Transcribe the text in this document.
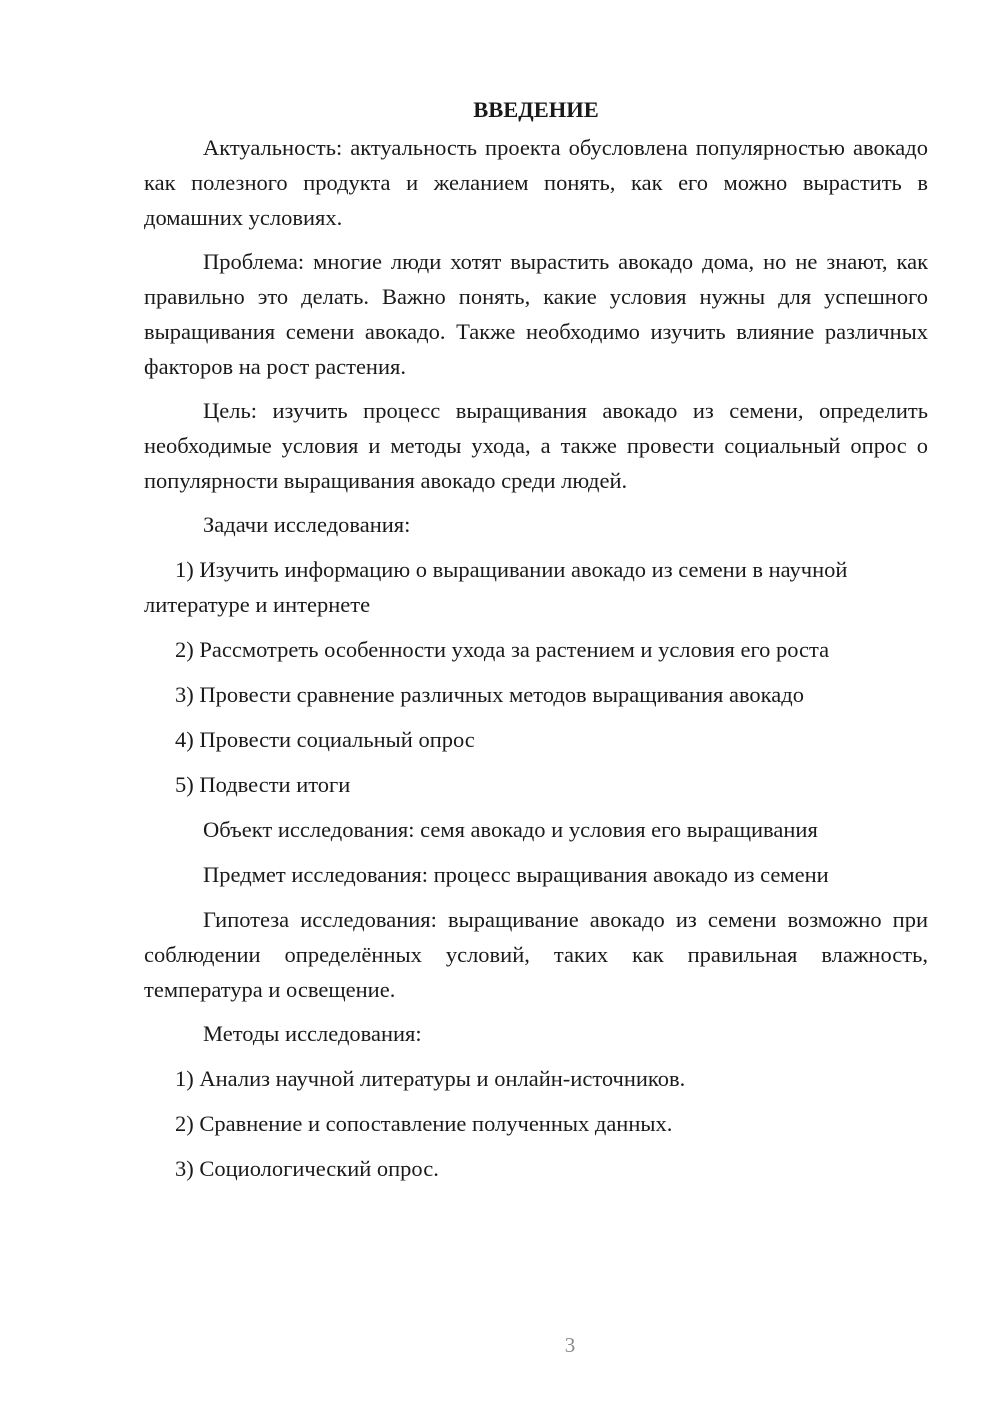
ВВЕДЕНИЕ

Актуальность: актуальность проекта обусловлена популярностью авокадо как полезного продукта и желанием понять, как его можно вырастить в домашних условиях.

Проблема: многие люди хотят вырастить авокадо дома, но не знают, как правильно это делать. Важно понять, какие условия нужны для успешного выращивания семени авокадо. Также необходимо изучить влияние различных факторов на рост растения.

Цель: изучить процесс выращивания авокадо из семени, определить необходимые условия и методы ухода, а также провести социальный опрос о популярности выращивания авокадо среди людей.

Задачи исследования:

1) Изучить информацию о выращивании авокадо из семени в научной литературе и интернете

2) Рассмотреть особенности ухода за растением и условия его роста

3) Провести сравнение различных методов выращивания авокадо

4) Провести социальный опрос

5) Подвести итоги

Объект исследования: семя авокадо и условия его выращивания

Предмет исследования: процесс выращивания авокадо из семени

Гипотеза исследования: выращивание авокадо из семени возможно при соблюдении определённых условий, таких как правильная влажность, температура и освещение.

Методы исследования:

1) Анализ научной литературы и онлайн-источников.

2) Сравнение и сопоставление полученных данных.

3) Социологический опрос.

3
